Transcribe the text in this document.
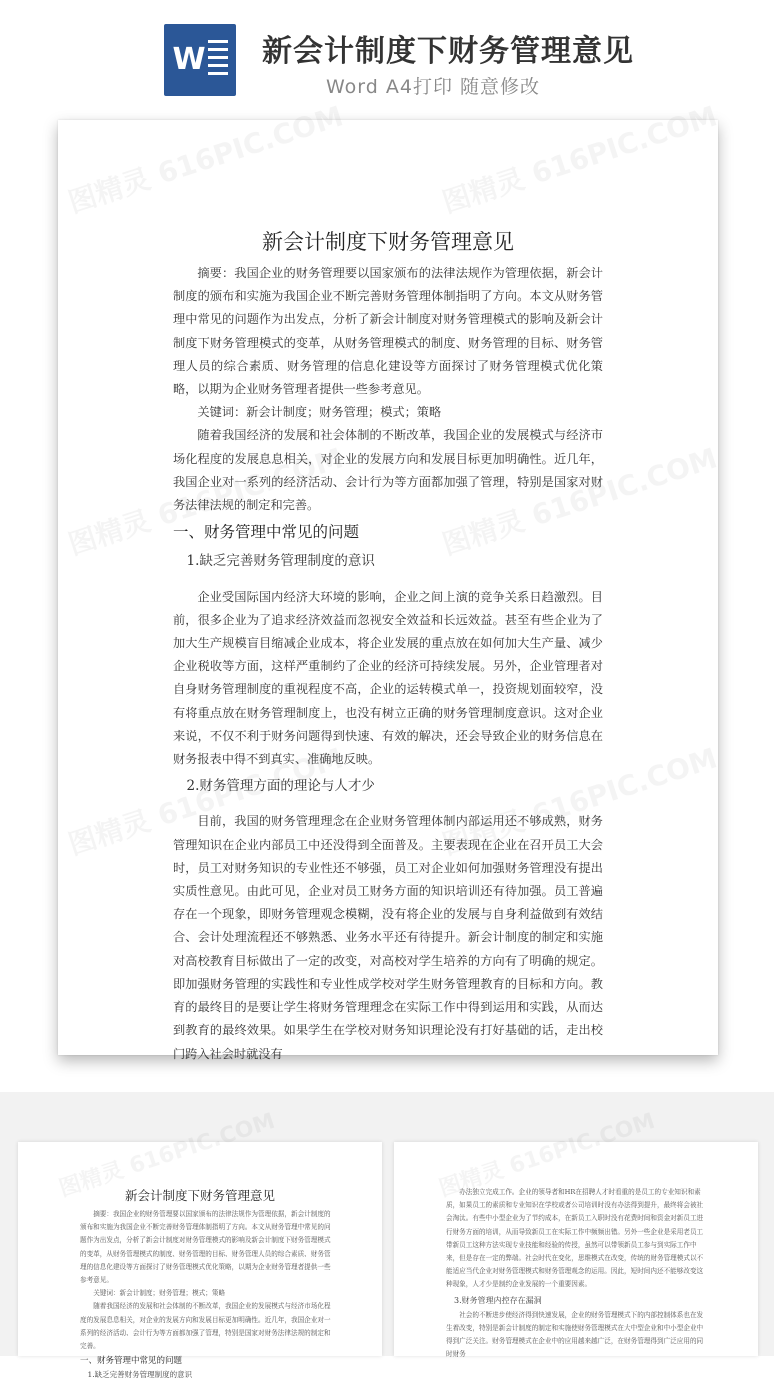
W 新会计制度下财务管理意见
Word A4打印 随意修改
新会计制度下财务管理意见

摘要：我国企业的财务管理要以国家颁布的法律法规作为管理依据，新会计制度的颁布和实施为我国企业不断完善财务管理体制指明了方向。本文从财务管理中常见的问题作为出发点，分析了新会计制度对财务管理模式的影响及新会计制度下财务管理模式的变革，从财务管理模式的制度、财务管理的目标、财务管理人员的综合素质、财务管理的信息化建设等方面探讨了财务管理模式优化策略，以期为企业财务管理者提供一些参考意见。

关键词：新会计制度；财务管理；模式；策略

随着我国经济的发展和社会体制的不断改革，我国企业的发展模式与经济市场化程度的发展息息相关，对企业的发展方向和发展目标更加明确性。近几年，我国企业对一系列的经济活动、会计行为等方面都加强了管理，特别是国家对财务法律法规的制定和完善。

一、财务管理中常见的问题
1.缺乏完善财务管理制度的意识

企业受国际国内经济大环境的影响，企业之间上演的竞争关系日趋激烈。目前，很多企业为了追求经济效益而忽视安全效益和长远效益。甚至有些企业为了加大生产规模盲目缩减企业成本，将企业发展的重点放在如何加大生产量、减少企业税收等方面，这样严重制约了企业的经济可持续发展。另外，企业管理者对自身财务管理制度的重视程度不高，企业的运转模式单一，投资规划面较窄，没有将重点放在财务管理制度上，也没有树立正确的财务管理制度意识。这对企业来说，不仅不利于财务问题得到快速、有效的解决，还会导致企业的财务信息在财务报表中得不到真实、准确地反映。

2.财务管理方面的理论与人才少

目前，我国的财务管理理念在企业财务管理体制内部运用还不够成熟，财务管理知识在企业内部员工中还没得到全面普及。主要表现在企业在召开员工大会时，员工对财务知识的专业性还不够强，员工对企业如何加强财务管理没有提出实质性意见。由此可见，企业对员工财务方面的知识培训还有待加强。员工普遍存在一个现象，即财务管理观念模糊，没有将企业的发展与自身利益做到有效结合、会计处理流程还不够熟悉、业务水平还有待提升。新会计制度的制定和实施对高校教育目标做出了一定的改变，对高校对学生培养的方向有了明确的规定。即加强财务管理的实践性和专业性成学校对学生财务管理教育的目标和方向。教育的最终目的是要让学生将财务管理理念在实际工作中得到运用和实践，从而达到教育的最终效果。如果学生在学校对财务知识理论没有打好基础的话，走出校门跨入社会时就没有

新会计制度下财务管理意见

摘要：我国企业的财务管理要以国家颁布的法律法规作为管理依据，新会计制度的颁布和实施为我国企业不断完善财务管理体制指明了方向。本文从财务管理中常见的问题作为出发点，分析了新会计制度对财务管理模式的影响及新会计制度下财务管理模式的变革，从财务管理模式的制度、财务管理的目标、财务管理人员的综合素质、财务管理的信息化建设等方面探讨了财务管理模式优化策略，以期为企业财务管理者提供一些参考意见。

关键词：新会计制度；财务管理；模式；策略

随着我国经济的发展和社会体制的不断改革，我国企业的发展模式与经济市场化程度的发展息息相关，对企业的发展方向和发展目标更加明确性。近几年，我国企业对一系列的经济活动、会计行为等方面都加强了管理，特别是国家对财务法律法规的制定和完善。

一、财务管理中常见的问题

1.缺乏完善财务管理制度的意识

办法独立完成工作。企业的领导者和HR在招聘人才时看重的是员工的专业知识和素质，如果员工的素质和专业知识在学校或者公司培训时没有办法得到提升，最终将会被社会淘汰。有些中小型企业为了节约成本，在新员工入职时没有花费时间和资金对新员工进行财务方面的培训，从而导致新员工在实际工作中频频出错。另外一些企业是采用老员工带新员工这种方法实现专业技能和经验的传授，虽然可以带领新员工参与到实际工作中来，但是存在一定的弊端。社会时代在变化，思维模式在改变，传统的财务管理模式以不能适应当代企业对财务管理模式和财务管理观念的运用。因此，短时间内还不能够改变这种现象，人才少是制约企业发展的一个重要因素。

3.财务管理内控存在漏洞

社会的不断进步使经济得到快速发展，企业的财务管理模式下的内部控制体系也在发生着改变，特别是新会计制度的制定和实施使财务管理模式在大中型企业和中小型企业中得到广泛关注。财务管理模式在企业中的应用越来越广泛，在财务管理得到广泛应用的同时财务
